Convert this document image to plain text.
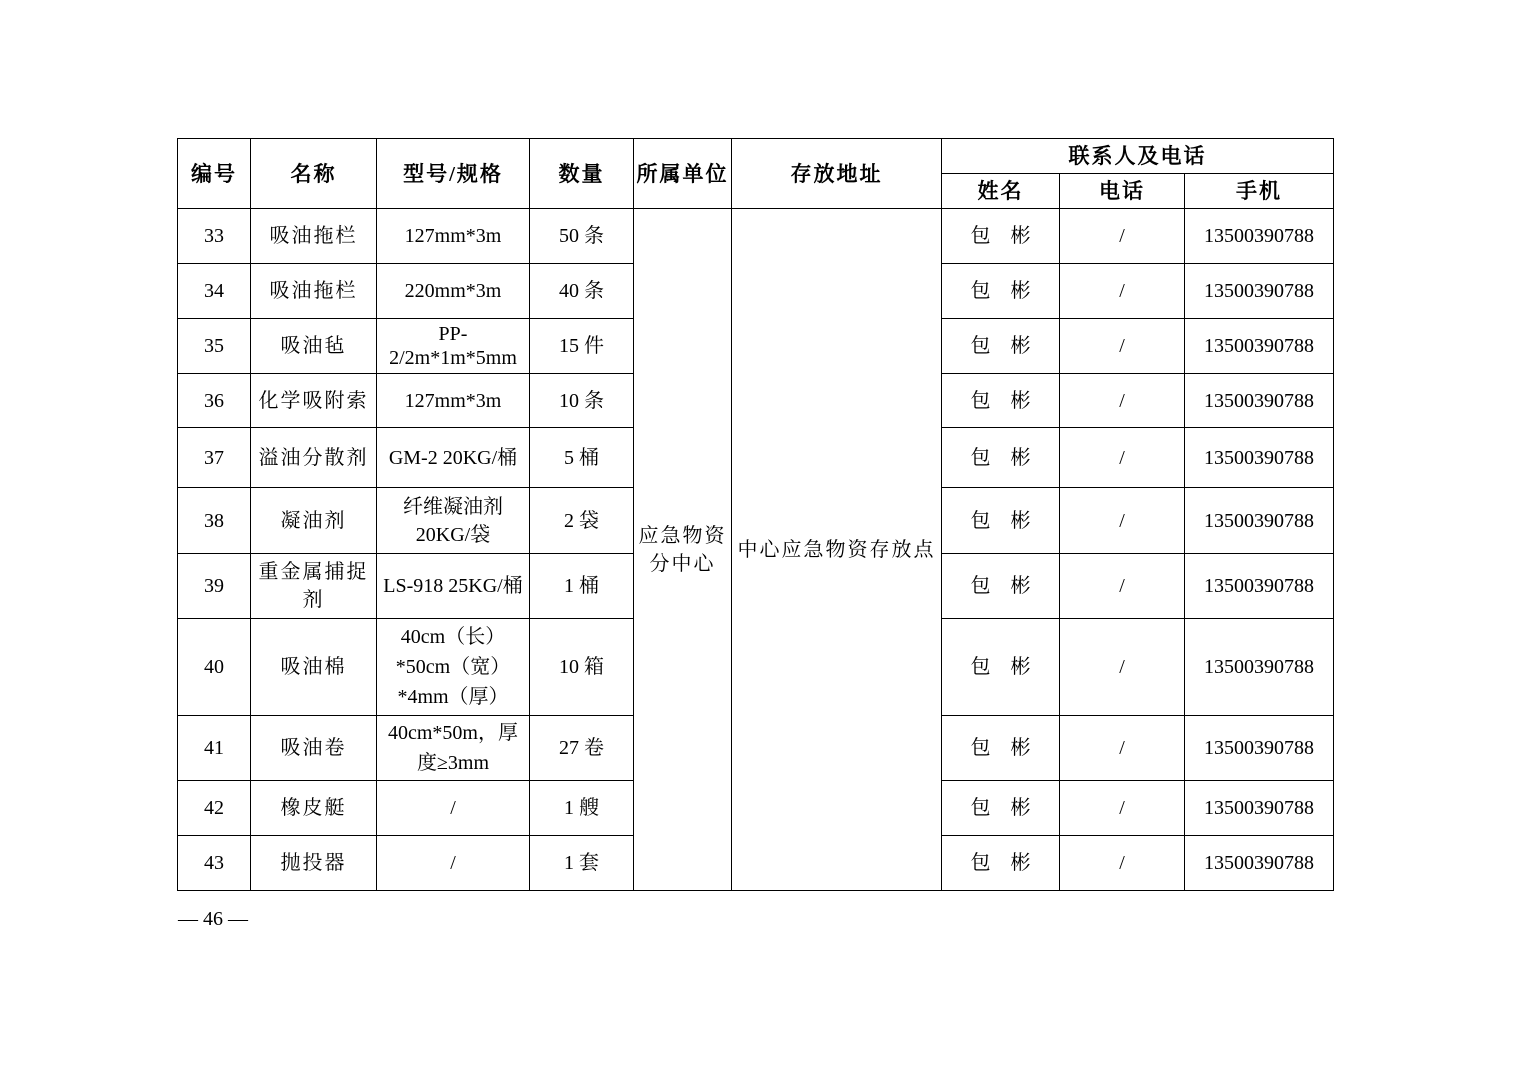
编号	名称	型号/规格	数量	所属单位	存放地址	联系人及电话		
						姓名	电话	手机
33	吸油拖栏	127mm*3m	50 条	应急物资分中心	中心应急物资存放点	包　彬	/	13500390788
34	吸油拖栏	220mm*3m	40 条			包　彬	/	13500390788
35	吸油毡	PP-2/2m*1m*5mm	15 件			包　彬	/	13500390788
36	化学吸附索	127mm*3m	10 条			包　彬	/	13500390788
37	溢油分散剂	GM-2 20KG/桶	5 桶			包　彬	/	13500390788
38	凝油剂	纤维凝油剂 20KG/袋	2 袋			包　彬	/	13500390788
39	重金属捕捉剂	LS-918 25KG/桶	1 桶			包　彬	/	13500390788
40	吸油棉	40cm（长）*50cm（宽）*4mm（厚）	10 箱			包　彬	/	13500390788
41	吸油卷	40cm*50m，厚度≥3mm	27 卷			包　彬	/	13500390788
42	橡皮艇	/	1 艘			包　彬	/	13500390788
43	抛投器	/	1 套			包　彬	/	13500390788
— 46 —
